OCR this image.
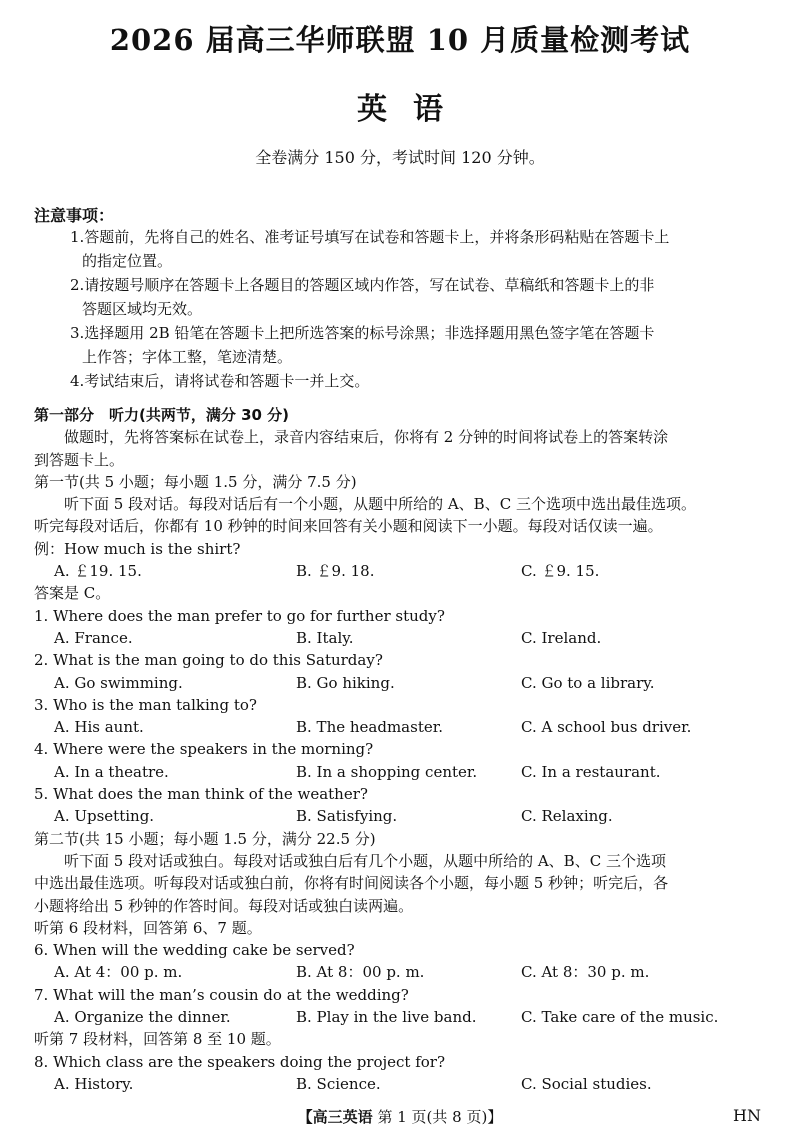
2026 届高三华师联盟 10 月质量检测考试
英语
全卷满分 150 分，考试时间 120 分钟。
注意事项：
1.答题前，先将自己的姓名、准考证号填写在试卷和答题卡上，并将条形码粘贴在答题卡上
的指定位置。
2.请按题号顺序在答题卡上各题目的答题区域内作答，写在试卷、草稿纸和答题卡上的非
答题区域均无效。
3.选择题用 2B 铅笔在答题卡上把所选答案的标号涂黑；非选择题用黑色签字笔在答题卡
上作答；字体工整，笔迹清楚。
4.考试结束后，请将试卷和答题卡一并上交。
第一部分　听力(共两节，满分 30 分)
做题时，先将答案标在试卷上，录音内容结束后，你将有 2 分钟的时间将试卷上的答案转涂
到答题卡上。
第一节(共 5 小题；每小题 1.5 分，满分 7.5 分)
听下面 5 段对话。每段对话后有一个小题，从题中所给的 A、B、C 三个选项中选出最佳选项。
听完每段对话后，你都有 10 秒钟的时间来回答有关小题和阅读下一小题。每段对话仅读一遍。
例：How much is the shirt?
A. ￡19. 15.	B. ￡9. 18.	C. ￡9. 15.
答案是 C。
1. Where does the man prefer to go for further study?
A. France.	B. Italy.	C. Ireland.
2. What is the man going to do this Saturday?
A. Go swimming.	B. Go hiking.	C. Go to a library.
3. Who is the man talking to?
A. His aunt.	B. The headmaster.	C. A school bus driver.
4. Where were the speakers in the morning?
A. In a theatre.	B. In a shopping center.	C. In a restaurant.
5. What does the man think of the weather?
A. Upsetting.	B. Satisfying.	C. Relaxing.
第二节(共 15 小题；每小题 1.5 分，满分 22.5 分)
听下面 5 段对话或独白。每段对话或独白后有几个小题，从题中所给的 A、B、C 三个选项
中选出最佳选项。听每段对话或独白前，你将有时间阅读各个小题，每小题 5 秒钟；听完后，各
小题将给出 5 秒钟的作答时间。每段对话或独白读两遍。
听第 6 段材料，回答第 6、7 题。
6. When will the wedding cake be served?
A. At 4：00 p. m.	B. At 8：00 p. m.	C. At 8：30 p. m.
7. What will the man’s cousin do at the wedding?
A. Organize the dinner.	B. Play in the live band.	C. Take care of the music.
听第 7 段材料，回答第 8 至 10 题。
8. Which class are the speakers doing the project for?
A. History.	B. Science.	C. Social studies.
【高三英语 第 1 页(共 8 页)】	HN
